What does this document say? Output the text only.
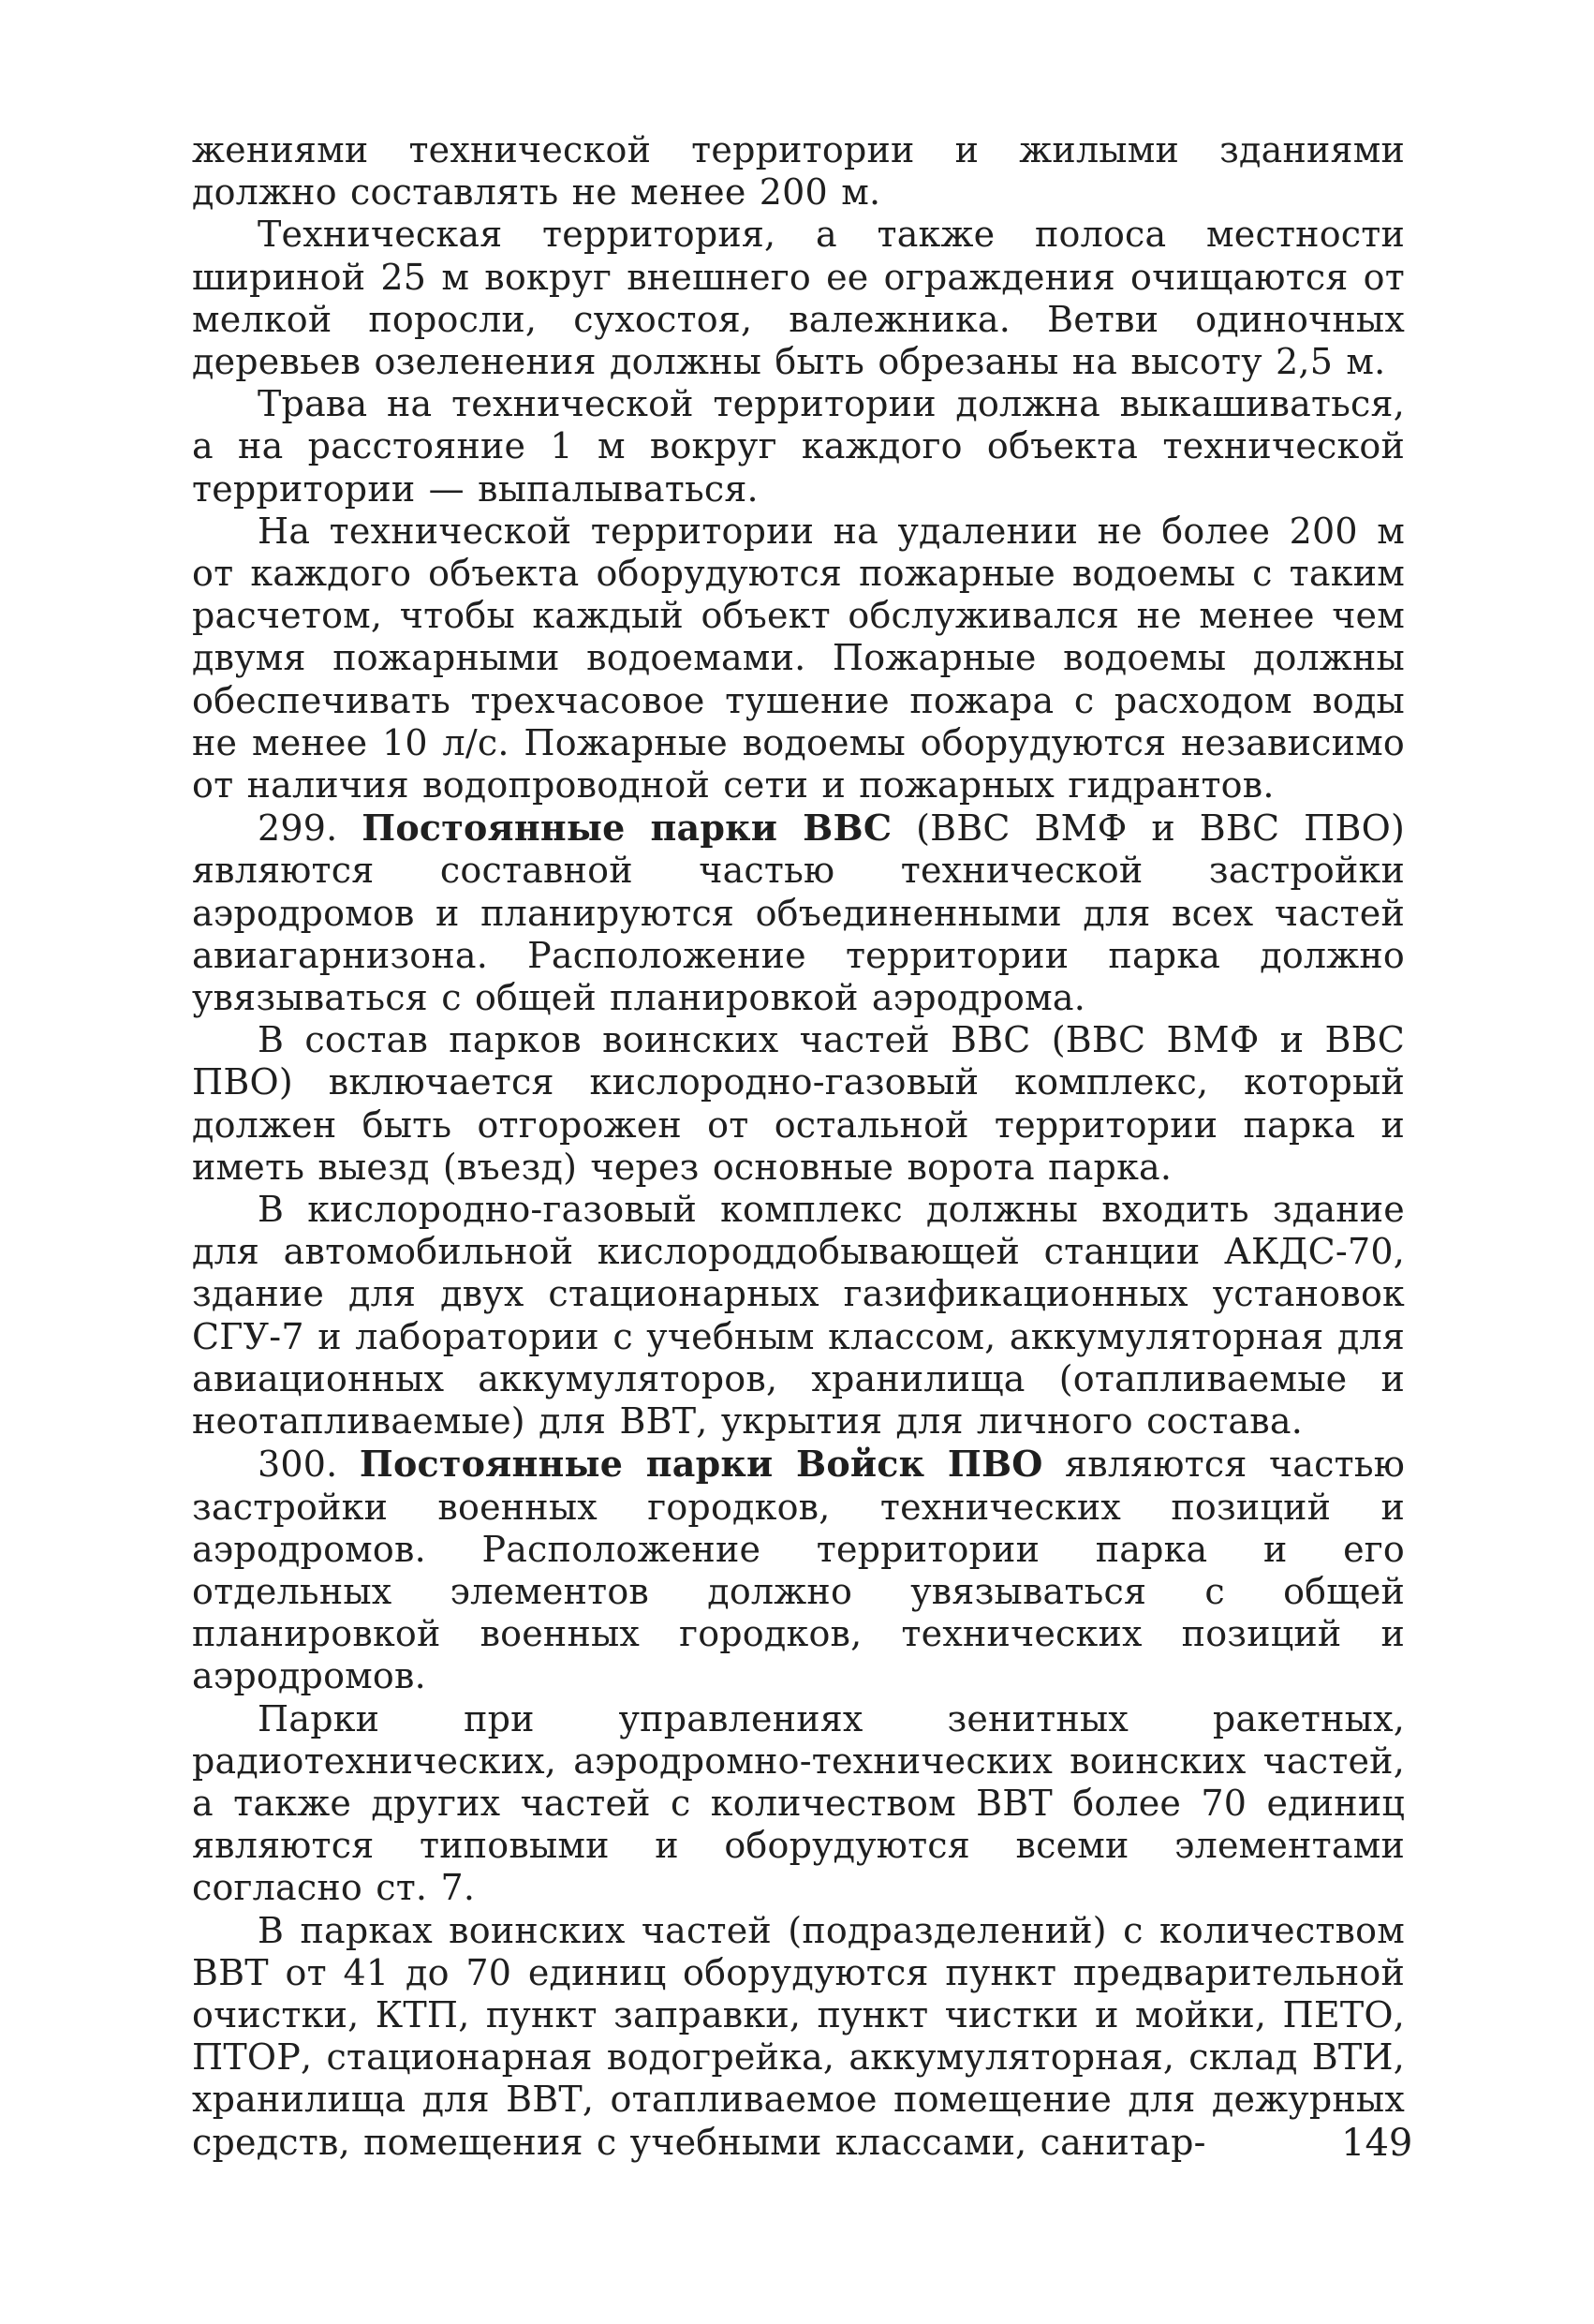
жениями технической территории и жилыми зданиями должно составлять не менее 200 м.

Техническая территория, а также полоса местности шириной 25 м вокруг внешнего ее ограждения очищаются от мелкой поросли, сухостоя, валежника. Ветви одиночных деревьев озеленения должны быть обрезаны на высоту 2,5 м.

Трава на технической территории должна выкашиваться, а на расстояние 1 м вокруг каждого объекта технической территории — выпалываться.

На технической территории на удалении не более 200 м от каждого объекта оборудуются пожарные водоемы с таким расчетом, чтобы каждый объект обслуживался не менее чем двумя пожарными водоемами. Пожарные водоемы должны обеспечивать трехчасовое тушение пожара с расходом воды не менее 10 л/с. Пожарные водоемы оборудуются независимо от наличия водопроводной сети и пожарных гидрантов.

299. Постоянные парки ВВС (ВВС ВМФ и ВВС ПВО) являются составной частью технической застройки аэродромов и планируются объединенными для всех частей авиагарнизона. Расположение территории парка должно увязываться с общей планировкой аэродрома.

В состав парков воинских частей ВВС (ВВС ВМФ и ВВС ПВО) включается кислородно-газовый комплекс, который должен быть отгорожен от остальной территории парка и иметь выезд (въезд) через основные ворота парка.

В кислородно-газовый комплекс должны входить здание для автомобильной кислороддобывающей станции АКДС-70, здание для двух стационарных газификационных установок СГУ-7 и лаборатории с учебным классом, аккумуляторная для авиационных аккумуляторов, хранилища (отапливаемые и неотапливаемые) для ВВТ, укрытия для личного состава.

300. Постоянные парки Войск ПВО являются частью застройки военных городков, технических позиций и аэродромов. Расположение территории парка и его отдельных элементов должно увязываться с общей планировкой военных городков, технических позиций и аэродромов.

Парки при управлениях зенитных ракетных, радиотехнических, аэродромно-технических воинских частей, а также других частей с количеством ВВТ более 70 единиц являются типовыми и оборудуются всеми элементами согласно ст. 7.

В парках воинских частей (подразделений) с количеством ВВТ от 41 до 70 единиц оборудуются пункт предварительной очистки, КТП, пункт заправки, пункт чистки и мойки, ПЕТО, ПТОР, стационарная водогрейка, аккумуляторная, склад ВТИ, хранилища для ВВТ, отапливаемое помещение для дежурных средств, помещения с учебными классами, санитар-	149
